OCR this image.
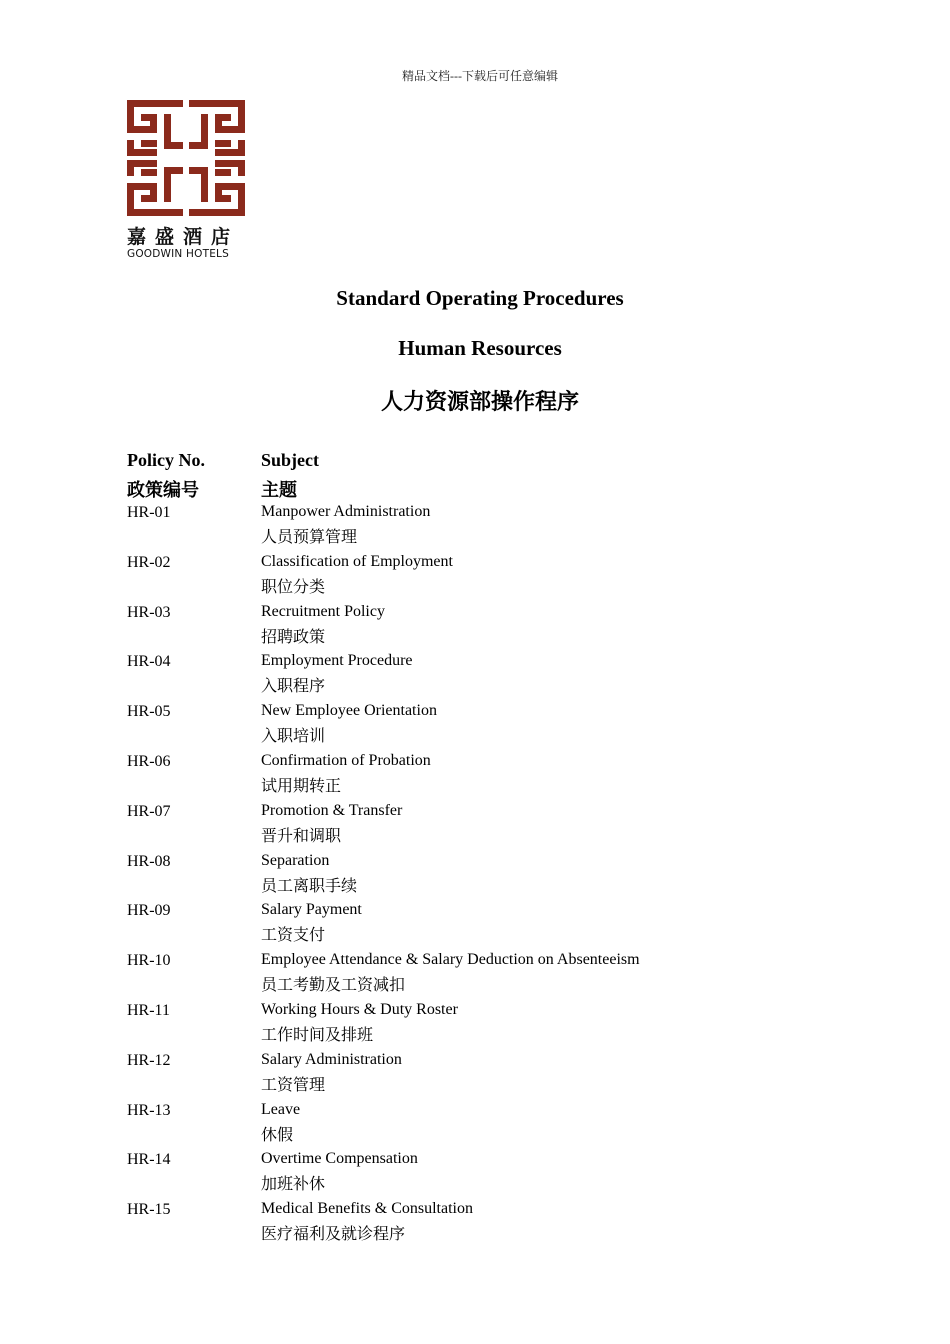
精品文档---下载后可任意编辑
嘉盛酒店
GOODWIN HOTELS
Standard Operating Procedures
Human Resources
人力资源部操作程序
Policy No.	Subject
政策编号	主题
HR-01	Manpower Administration
人员预算管理
HR-02	Classification of Employment
职位分类
HR-03	Recruitment Policy
招聘政策
HR-04	Employment Procedure
入职程序
HR-05	New Employee Orientation
入职培训
HR-06	Confirmation of Probation
试用期转正
HR-07	Promotion & Transfer
晋升和调职
HR-08	Separation
员工离职手续
HR-09	Salary Payment
工资支付
HR-10	Employee Attendance & Salary Deduction on Absenteeism
员工考勤及工资减扣
HR-11	Working Hours & Duty Roster
工作时间及排班
HR-12	Salary Administration
工资管理
HR-13	Leave
休假
HR-14	Overtime Compensation
加班补休
HR-15	Medical Benefits & Consultation
医疗福利及就诊程序
